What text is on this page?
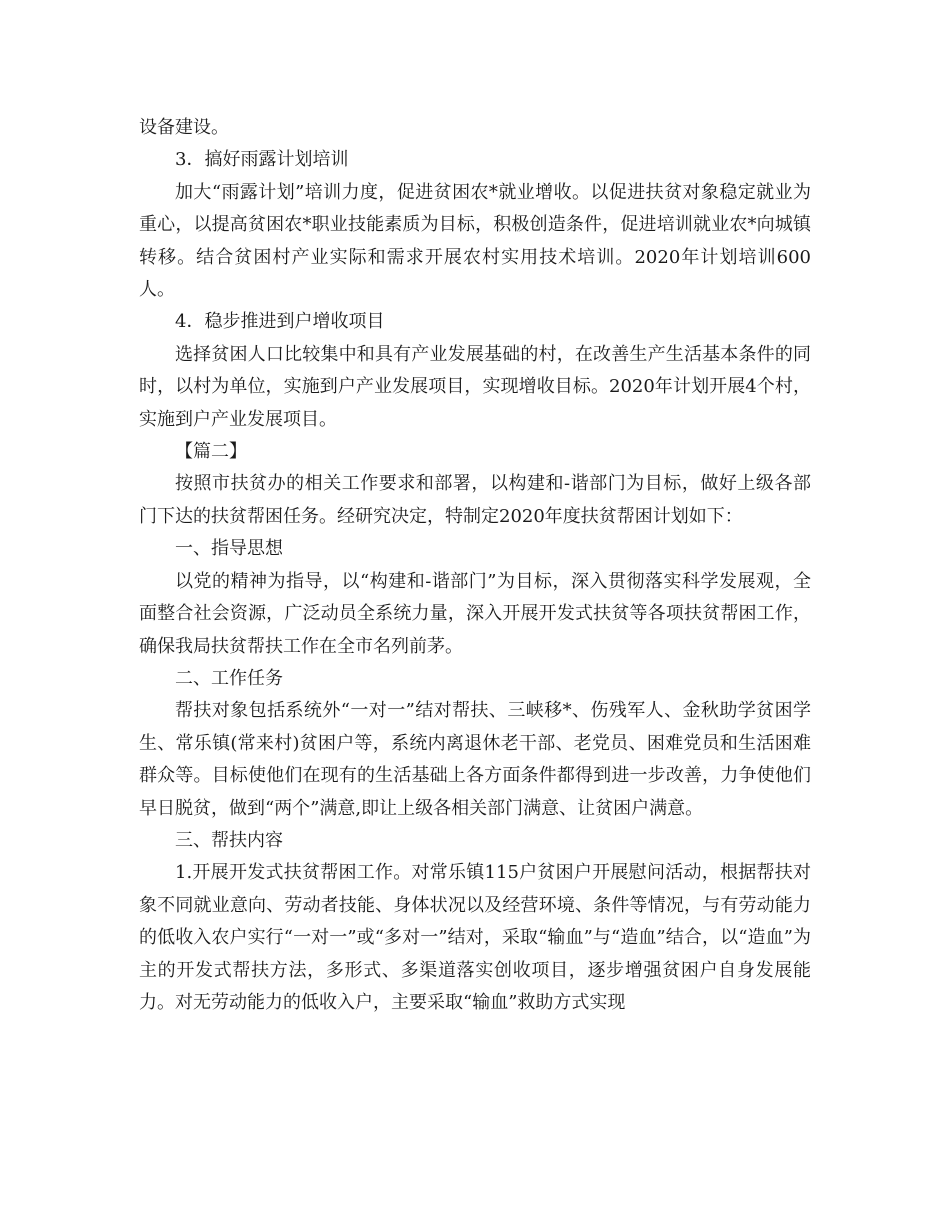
设备建设。

3．搞好雨露计划培训

加大“雨露计划”培训力度，促进贫困农*就业增收。以促进扶贫对象稳定就业为重心，以提高贫困农*职业技能素质为目标，积极创造条件，促进培训就业农*向城镇转移。结合贫困村产业实际和需求开展农村实用技术培训。2020年计划培训600人。

4．稳步推进到户增收项目

选择贫困人口比较集中和具有产业发展基础的村，在改善生产生活基本条件的同时，以村为单位，实施到户产业发展项目，实现增收目标。2020年计划开展4个村，实施到户产业发展项目。

【篇二】

按照市扶贫办的相关工作要求和部署，以构建和-谐部门为目标，做好上级各部门下达的扶贫帮困任务。经研究决定，特制定2020年度扶贫帮困计划如下：

一、指导思想

以党的精神为指导，以“构建和-谐部门”为目标，深入贯彻落实科学发展观，全面整合社会资源，广泛动员全系统力量，深入开展开发式扶贫等各项扶贫帮困工作，确保我局扶贫帮扶工作在全市名列前茅。

二、工作任务

帮扶对象包括系统外“一对一”结对帮扶、三峡移*、伤残军人、金秋助学贫困学生、常乐镇(常来村)贫困户等，系统内离退休老干部、老党员、困难党员和生活困难群众等。目标使他们在现有的生活基础上各方面条件都得到进一步改善，力争使他们早日脱贫，做到“两个”满意,即让上级各相关部门满意、让贫困户满意。

三、帮扶内容

1.开展开发式扶贫帮困工作。对常乐镇115户贫困户开展慰问活动，根据帮扶对象不同就业意向、劳动者技能、身体状况以及经营环境、条件等情况，与有劳动能力的低收入农户实行“一对一”或“多对一”结对，采取“输血”与“造血”结合，以“造血”为主的开发式帮扶方法，多形式、多渠道落实创收项目，逐步增强贫困户自身发展能力。对无劳动能力的低收入户，主要采取“输血”救助方式实现
